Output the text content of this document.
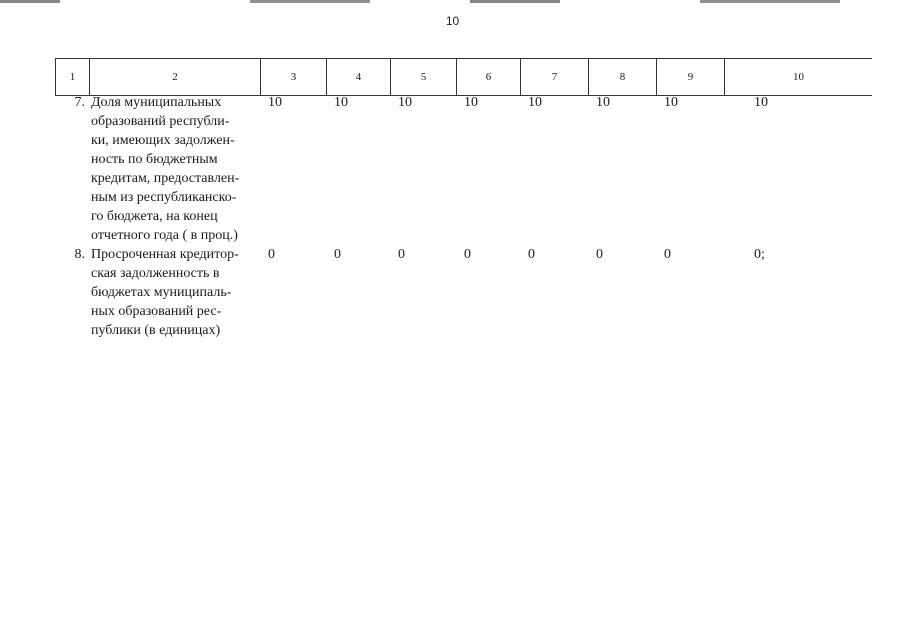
10
1	2	3	4	5	6	7	8	9	10
7. Доля муниципальных
образований республи-
ки, имеющих задолжен-
ность по бюджетным
кредитам, предоставлен-
ным из республиканско-
го бюджета, на конец
отчетного года ( в проц.)
10	10	10	10	10	10	10	10
8. Просроченная кредитор-
ская задолженность в
бюджетах муниципаль-
ных образований рес-
публики (в единицах)
0	0	0	0	0	0	0	0;
